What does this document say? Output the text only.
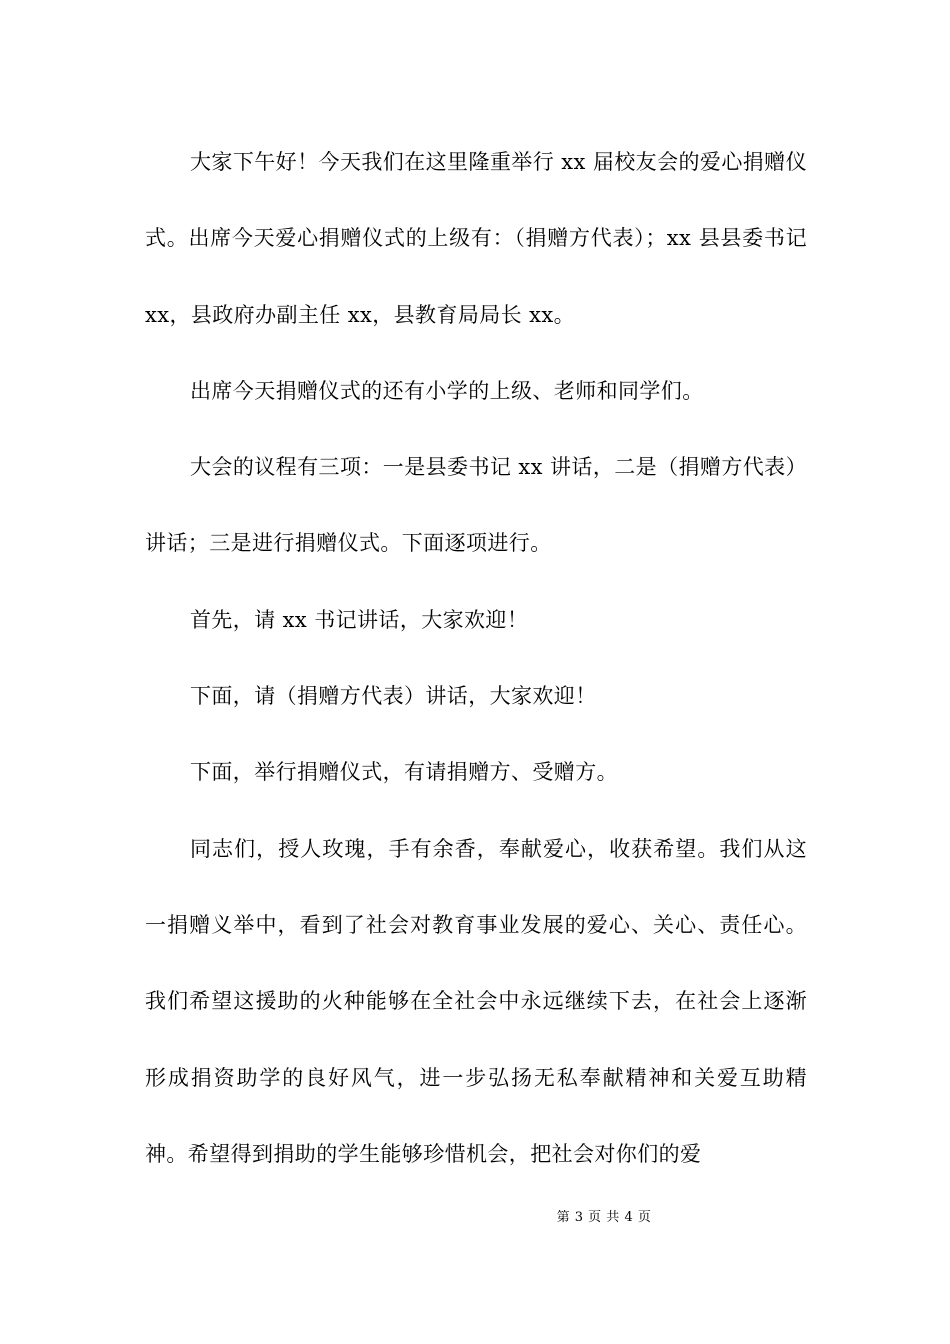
大家下午好！今天我们在这里隆重举行 xx 届校友会的爱心捐赠仪式。出席今天爱心捐赠仪式的上级有：（捐赠方代表）；xx 县县委书记 xx，县政府办副主任 xx，县教育局局长 xx。

出席今天捐赠仪式的还有小学的上级、老师和同学们。

大会的议程有三项：一是县委书记 xx 讲话，二是（捐赠方代表）讲话；三是进行捐赠仪式。下面逐项进行。

首先，请 xx 书记讲话，大家欢迎！

下面，请（捐赠方代表）讲话，大家欢迎！

下面，举行捐赠仪式，有请捐赠方、受赠方。

同志们，授人玫瑰，手有余香，奉献爱心，收获希望。我们从这一捐赠义举中，看到了社会对教育事业发展的爱心、关心、责任心。我们希望这援助的火种能够在全社会中永远继续下去，在社会上逐渐形成捐资助学的良好风气，进一步弘扬无私奉献精神和关爱互助精神。希望得到捐助的学生能够珍惜机会，把社会对你们的爱

第 3 页 共 4 页
